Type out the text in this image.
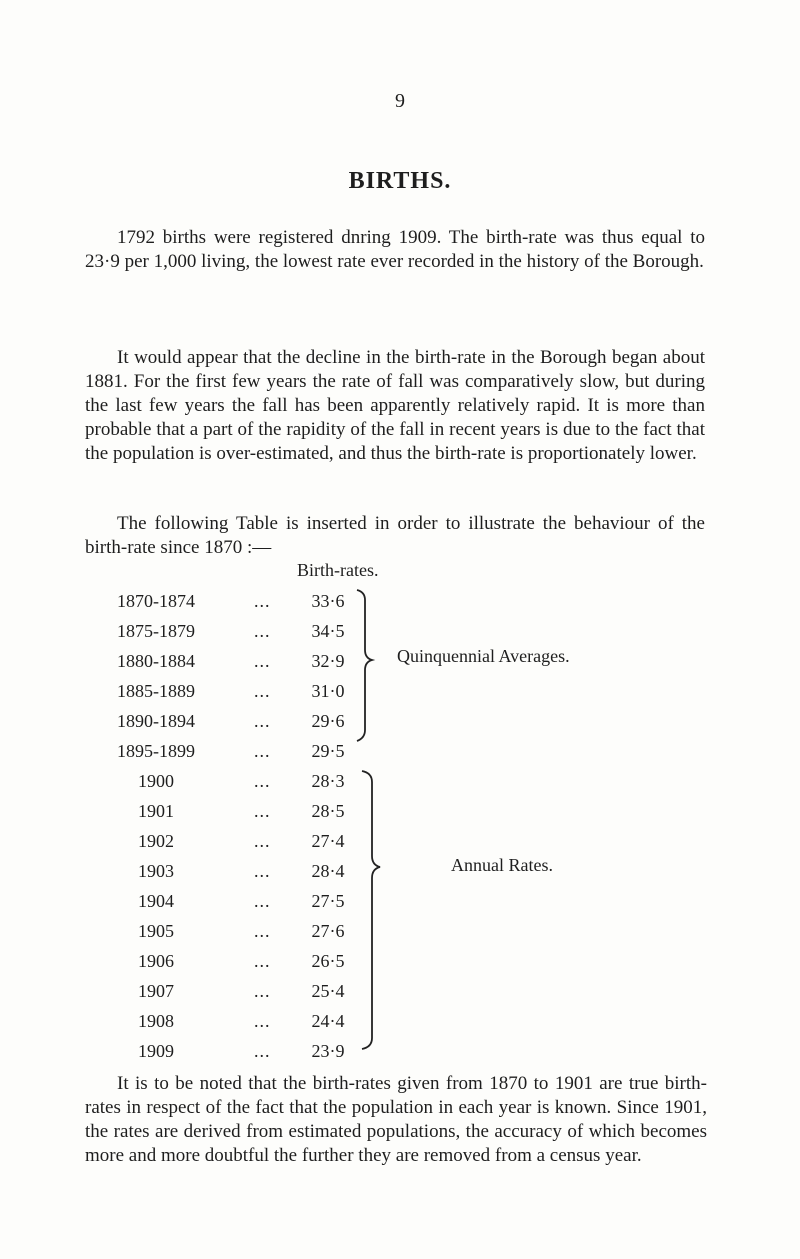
9
BIRTHS.

1792 births were registered dnring 1909. The birth-rate was thus equal to 23·9 per 1,000 living, the lowest rate ever recorded in the history of the Borough.

It would appear that the decline in the birth-rate in the Borough began about 1881. For the first few years the rate of fall was comparatively slow, but during the last few years the fall has been apparently relatively rapid. It is more than probable that a part of the rapidity of the fall in recent years is due to the fact that the population is over-estimated, and thus the birth-rate is proportionately lower.

The following Table is inserted in order to illustrate the behaviour of the birth-rate since 1870 :—

Birth-rates.
1870-1874	...	33·6
1875-1879	...	34·5
1880-1884	...	32·9
1885-1889	...	31·0
1890-1894	...	29·6
1895-1899	...	29·5
1900	...	28·3
1901	...	28·5
1902	...	27·4
1903	...	28·4
1904	...	27·5
1905	...	27·6
1906	...	26·5
1907	...	25·4
1908	...	24·4
1909	...	23·9
Quinquennial Averages.
Annual Rates.

It is to be noted that the birth-rates given from 1870 to 1901 are true birth-rates in respect of the fact that the population in each year is known. Since 1901, the rates are derived from estimated populations, the accuracy of which becomes more and more doubtful the further they are removed from a census year.
